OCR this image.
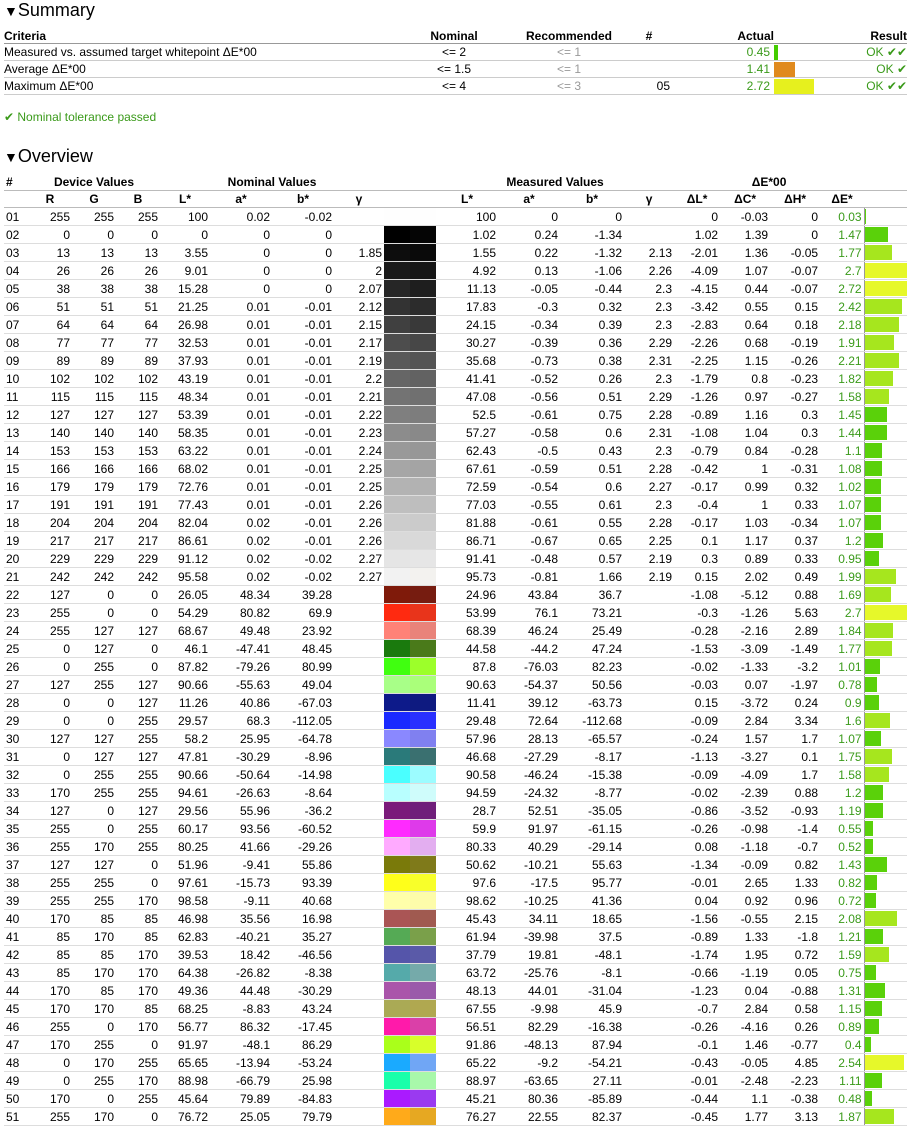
▼Summary
Criteria	Nominal	Recommended	#	Actual		Result
Measured vs. assumed target whitepoint ΔE*00	<= 2	<= 1		0.45		OK ✔✔
Average ΔE*00	<= 1.5	<= 1		1.41		OK ✔
Maximum ΔE*00	<= 4	<= 3	05	2.72		OK ✔✔
✔ Nominal tolerance passed
▼Overview
#	Device Values			Nominal Values					Measured Values				ΔE*00				
	R	G	B	L*	a*	b*	γ		L*	a*	b*	γ	ΔL*	ΔC*	ΔH*	ΔE*	
01	255	255	255	100	0.02	-0.02			100	0	0		0	-0.03	0	0.03	

02	0	0	0	0	0	0			1.02	0.24	-1.34		1.02	1.39	0	1.47	

03	13	13	13	3.55	0	0	1.85		1.55	0.22	-1.32	2.13	-2.01	1.36	-0.05	1.77	

04	26	26	26	9.01	0	0	2		4.92	0.13	-1.06	2.26	-4.09	1.07	-0.07	2.7	

05	38	38	38	15.28	0	0	2.07		11.13	-0.05	-0.44	2.3	-4.15	0.44	-0.07	2.72	

06	51	51	51	21.25	0.01	-0.01	2.12		17.83	-0.3	0.32	2.3	-3.42	0.55	0.15	2.42	

07	64	64	64	26.98	0.01	-0.01	2.15		24.15	-0.34	0.39	2.3	-2.83	0.64	0.18	2.18	

08	77	77	77	32.53	0.01	-0.01	2.17		30.27	-0.39	0.36	2.29	-2.26	0.68	-0.19	1.91	

09	89	89	89	37.93	0.01	-0.01	2.19		35.68	-0.73	0.38	2.31	-2.25	1.15	-0.26	2.21	

10	102	102	102	43.19	0.01	-0.01	2.2		41.41	-0.52	0.26	2.3	-1.79	0.8	-0.23	1.82	

11	115	115	115	48.34	0.01	-0.01	2.21		47.08	-0.56	0.51	2.29	-1.26	0.97	-0.27	1.58	

12	127	127	127	53.39	0.01	-0.01	2.22		52.5	-0.61	0.75	2.28	-0.89	1.16	0.3	1.45	

13	140	140	140	58.35	0.01	-0.01	2.23		57.27	-0.58	0.6	2.31	-1.08	1.04	0.3	1.44	

14	153	153	153	63.22	0.01	-0.01	2.24		62.43	-0.5	0.43	2.3	-0.79	0.84	-0.28	1.1	

15	166	166	166	68.02	0.01	-0.01	2.25		67.61	-0.59	0.51	2.28	-0.42	1	-0.31	1.08	

16	179	179	179	72.76	0.01	-0.01	2.25		72.59	-0.54	0.6	2.27	-0.17	0.99	0.32	1.02	

17	191	191	191	77.43	0.01	-0.01	2.26		77.03	-0.55	0.61	2.3	-0.4	1	0.33	1.07	

18	204	204	204	82.04	0.02	-0.01	2.26		81.88	-0.61	0.55	2.28	-0.17	1.03	-0.34	1.07	

19	217	217	217	86.61	0.02	-0.01	2.26		86.71	-0.67	0.65	2.25	0.1	1.17	0.37	1.2	

20	229	229	229	91.12	0.02	-0.02	2.27		91.41	-0.48	0.57	2.19	0.3	0.89	0.33	0.95	

21	242	242	242	95.58	0.02	-0.02	2.27		95.73	-0.81	1.66	2.19	0.15	2.02	0.49	1.99	

22	127	0	0	26.05	48.34	39.28			24.96	43.84	36.7		-1.08	-5.12	0.88	1.69	

23	255	0	0	54.29	80.82	69.9			53.99	76.1	73.21		-0.3	-1.26	5.63	2.7	

24	255	127	127	68.67	49.48	23.92			68.39	46.24	25.49		-0.28	-2.16	2.89	1.84	

25	0	127	0	46.1	-47.41	48.45			44.58	-44.2	47.24		-1.53	-3.09	-1.49	1.77	

26	0	255	0	87.82	-79.26	80.99			87.8	-76.03	82.23		-0.02	-1.33	-3.2	1.01	

27	127	255	127	90.66	-55.63	49.04			90.63	-54.37	50.56		-0.03	0.07	-1.97	0.78	

28	0	0	127	11.26	40.86	-67.03			11.41	39.12	-63.73		0.15	-3.72	0.24	0.9	

29	0	0	255	29.57	68.3	-112.05			29.48	72.64	-112.68		-0.09	2.84	3.34	1.6	

30	127	127	255	58.2	25.95	-64.78			57.96	28.13	-65.57		-0.24	1.57	1.7	1.07	

31	0	127	127	47.81	-30.29	-8.96			46.68	-27.29	-8.17		-1.13	-3.27	0.1	1.75	

32	0	255	255	90.66	-50.64	-14.98			90.58	-46.24	-15.38		-0.09	-4.09	1.7	1.58	

33	170	255	255	94.61	-26.63	-8.64			94.59	-24.32	-8.77		-0.02	-2.39	0.88	1.2	

34	127	0	127	29.56	55.96	-36.2			28.7	52.51	-35.05		-0.86	-3.52	-0.93	1.19	

35	255	0	255	60.17	93.56	-60.52			59.9	91.97	-61.15		-0.26	-0.98	-1.4	0.55	

36	255	170	255	80.25	41.66	-29.26			80.33	40.29	-29.14		0.08	-1.18	-0.7	0.52	

37	127	127	0	51.96	-9.41	55.86			50.62	-10.21	55.63		-1.34	-0.09	0.82	1.43	

38	255	255	0	97.61	-15.73	93.39			97.6	-17.5	95.77		-0.01	2.65	1.33	0.82	

39	255	255	170	98.58	-9.11	40.68			98.62	-10.25	41.36		0.04	0.92	0.96	0.72	

40	170	85	85	46.98	35.56	16.98			45.43	34.11	18.65		-1.56	-0.55	2.15	2.08	

41	85	170	85	62.83	-40.21	35.27			61.94	-39.98	37.5		-0.89	1.33	-1.8	1.21	

42	85	85	170	39.53	18.42	-46.56			37.79	19.81	-48.1		-1.74	1.95	0.72	1.59	

43	85	170	170	64.38	-26.82	-8.38			63.72	-25.76	-8.1		-0.66	-1.19	0.05	0.75	

44	170	85	170	49.36	44.48	-30.29			48.13	44.01	-31.04		-1.23	0.04	-0.88	1.31	

45	170	170	85	68.25	-8.83	43.24			67.55	-9.98	45.9		-0.7	2.84	0.58	1.15	

46	255	0	170	56.77	86.32	-17.45			56.51	82.29	-16.38		-0.26	-4.16	0.26	0.89	

47	170	255	0	91.97	-48.1	86.29			91.86	-48.13	87.94		-0.1	1.46	-0.77	0.4	

48	0	170	255	65.65	-13.94	-53.24			65.22	-9.2	-54.21		-0.43	-0.05	4.85	2.54	

49	0	255	170	88.98	-66.79	25.98			88.97	-63.65	27.11		-0.01	-2.48	-2.23	1.11	

50	170	0	255	45.64	79.89	-84.83			45.21	80.36	-85.89		-0.44	1.1	-0.38	0.48	

51	255	170	0	76.72	25.05	79.79			76.27	22.55	82.37		-0.45	1.77	3.13	1.87	
